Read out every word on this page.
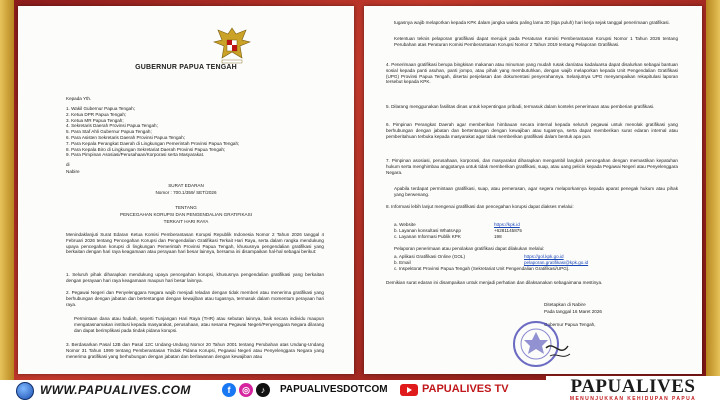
GUBERNUR PAPUA TENGAH
Kepada Yth.
1. Wakil Gubernur Papua Tengah;
2. Ketua DPR Papua Tengah;
3. Ketua MR Papua Tengah;
4. Sekretaris Daerah Provinsi Papua Tengah;
5. Para Staf Ahli Gubernur Papua Tengah;
6. Para Asisten Sekretaris Daerah Provinsi Papua Tengah;
7. Para Kepala Perangkat Daerah di Lingkungan Pemerintah Provinsi Papua Tengah;
8. Para Kepala Biro di Lingkungan Sekretariat Daerah Provinsi Papua Tengah;
9. Para Pimpinan Asosiasi/Perusahaan/Korporasi serta Masyarakat.
di
Nabire
SURAT EDARAN
Nomor : 700.1/359/ SET/2026
TENTANG
PENCEGAHAN KORUPSI DAN PENGENDALIAN GRATIFIKASI
TERKAIT HARI RAYA
Menindaklanjuti Surat Edaran Ketua Komisi Pemberantasan Korupsi Republik Indonesia Nomor 2 Tahun 2026 tanggal 4 Februari 2026 tentang Pencegahan Korupsi dan Pengendalian Gratifikasi Terkait Hari Raya, serta dalam rangka mendukung upaya pencegahan korupsi di lingkungan Pemerintah Provinsi Papua Tengah, khususnya pengendalian gratifikasi yang berkaitan dengan hari raya keagamaan atau perayaan hari besar lainnya, bersama ini disampaikan hal-hal sebagai berikut:
1. Seluruh pihak diharapkan mendukung upaya pencegahan korupsi, khususnya pengendalian gratifikasi yang berkaitan dengan perayaan hari raya keagamaan maupun hari besar lainnya.
2. Pegawai Negeri dan Penyelenggara Negara wajib menjadi teladan dengan tidak memberi atau menerima gratifikasi yang berhubungan dengan jabatan dan bertentangan dengan kewajiban atau tugasnya, termasuk dalam momentum perayaan hari raya.
Permintaan dana atau hadiah, seperti Tunjangan Hari Raya (THR) atau sebutan lainnya, baik secara individu maupun mengatasnamakan institusi kepada masyarakat, perusahaan, atau sesama Pegawai Negeri/Penyenggara Negara dilarang dan dapat berimplikasi pada tindak pidana korupsi.
3. Berdasarkan Pasal 12B dan Pasal 12C Undang-Undang Nomor 20 Tahun 2001 tentang Perubahan atas Undang-Undang Nomor 31 Tahun 1999 tentang Pemberantasan Tindak Pidana Korupsi, Pegawai Negeri atau Penyelenggara Negara yang menerima gratifikasi yang berhubungan dengan jabatan dan berlawanan dengan kewajiban atau
tugasnya wajib melaporkan kepada KPK dalam jangka waktu paling lama 30 (tiga puluh) hari kerja sejak tanggal penerimaan gratifikasi.
Ketentuan teknis pelaporan gratifikasi dapat merujuk pada Peraturan Komisi Pemberantasan Korupsi Nomor 1 Tahun 2026 tentang Perubahan atas Peraturan Komisi Pemberantasan Korupsi Nomor 2 Tahun 2019 tentang Pelaporan Gratifikasi.
4. Penerimaan gratifikasi berupa bingkisan makanan atau minuman yang mudah rusak dan/atau kadaluarsa dapat disalurkan sebagai bantuan sosial kepada panti asuhan, panti jompo, atau pihak yang membutuhkan, dengan wajib melaporkan kepada Unit Pengendalian Gratifikasi (UPG) Provinsi Papua Tengah, disertai penjelasan dan dokumentasi penyerahannya. Selanjutnya UPG menyampaikan rekapitulasi laporan tersebut kepada KPK.
5. Dilarang menggunakan fasilitas dinas untuk kepentingan pribadi, termasuk dalam konteks penerimaan atau pemberian gratifikasi.
6. Pimpinan Perangkat Daerah agar memberikan himbauan secara internal kepada seluruh pegawai untuk menolak gratifikasi yang berhubungan dengan jabatan dan bertentangan dengan kewajiban atau tugasnya, serta dapat memberikan surat edaran internal atau pemberitahuan terbuka kepada masyarakat agar tidak memberikan gratifikasi dalam bentuk apa pun.
7. Pimpinan asosiasi, perusahaan, korporasi, dan masyarakat diharapkan mengambil langkah pencegahan dengan memastikan kepatuhan hukum serta menghimbau anggotanya untuk tidak memberikan gratifikasi, suap, atau uang pelicin kepada Pegawai Negeri atau Penyelenggara Negara.
Apabila terdapat permintaan gratifikasi, suap, atau pemerasan, agar segera melaporkannya kepada aparat penegak hukum atau pihak yang berwenang.
8. Informasi lebih lanjut mengenai gratifikasi dan pencegahan korupsi dapat diakses melalui:
a. Website	https://kpk.id
b. Layanan konsultasi WhatsApp	+6281145875
c. Layanan Informasi Publik KPK	198
Pelaporan penerimaan atau penolakan gratifikasi dapat dilakukan melalui:
a. Aplikasi Gratifikasi Online (GOL)	https://gol.kpk.go.id
b. Email	pelaporan.gratifikasi@kpk.go.id
c. Inspektorat Provinsi Papua Tengah (Sekretariat Unit Pengendalian Gratifikasi/UPG).
Demikian surat edaran ini disampaikan untuk menjadi perhatian dan dilaksanakan sebagaimana mestinya.
Ditetapkan di Nabire
Pada tanggal 16 Maret 2026
Gubernur Papua Tengah,
WWW.PAPUALIVES.COM	f	◎	♪	PAPUALIVESDOTCOM	PAPUALIVES TV	PAPUALIVES
MENUNJUKKAN KEHIDUPAN PAPUA
